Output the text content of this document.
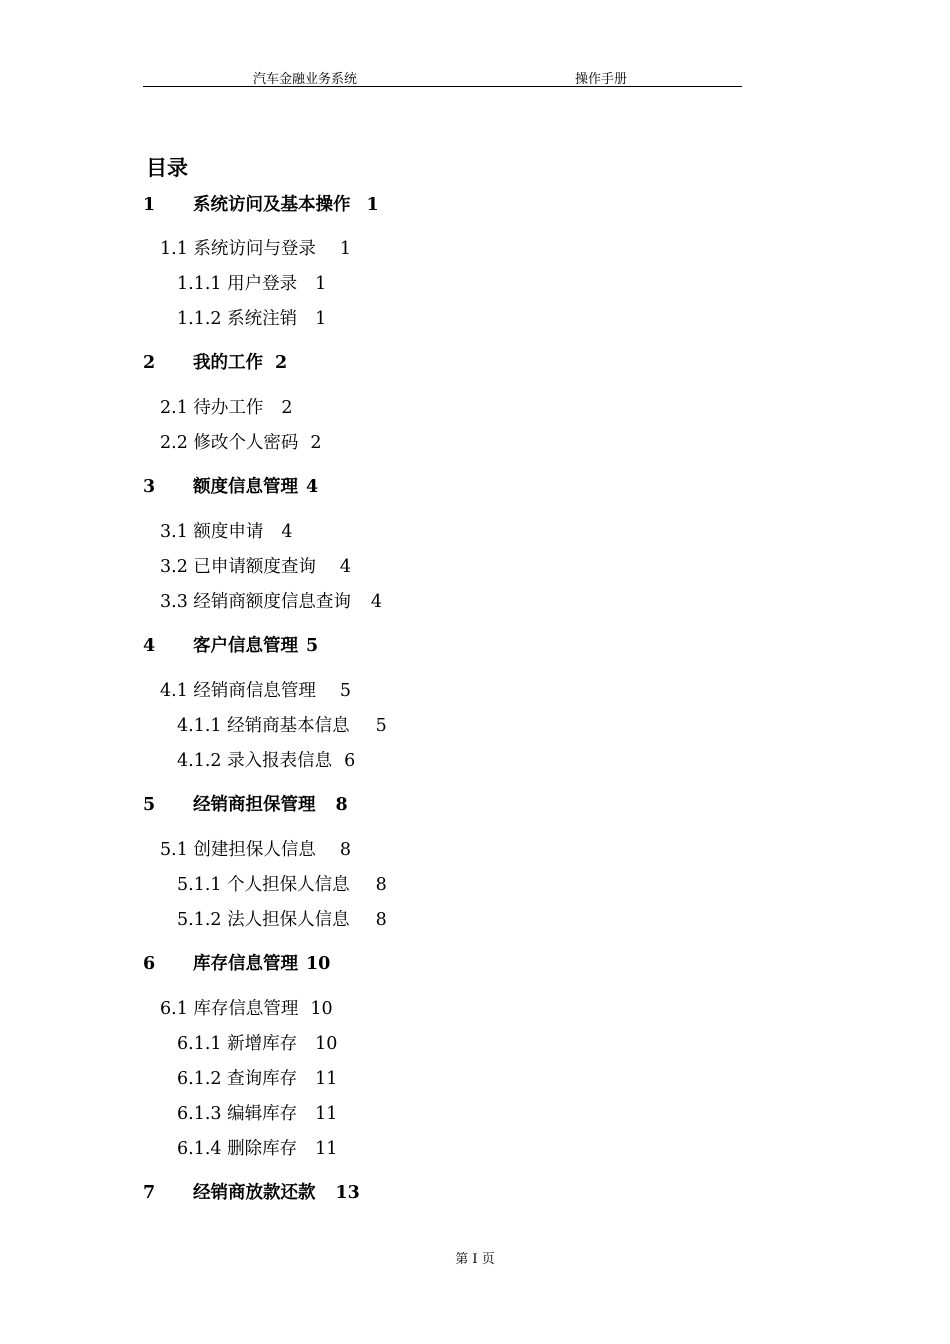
汽车金融业务系统	操作手册
目录
1 系统访问及基本操作 1
1.1 系统访问与登录 1
1.1.1 用户登录 1
1.1.2 系统注销 1
2 我的工作 2
2.1 待办工作 2
2.2 修改个人密码 2
3 额度信息管理 4
3.1 额度申请 4
3.2 已申请额度查询 4
3.3 经销商额度信息查询 4
4 客户信息管理 5
4.1 经销商信息管理 5
4.1.1 经销商基本信息 5
4.1.2 录入报表信息 6
5 经销商担保管理 8
5.1 创建担保人信息 8
5.1.1 个人担保人信息 8
5.1.2 法人担保人信息 8
6 库存信息管理 10
6.1 库存信息管理 10
6.1.1 新增库存 10
6.1.2 查询库存 11
6.1.3 编辑库存 11
6.1.4 删除库存 11
7 经销商放款还款 13
第 I 页
